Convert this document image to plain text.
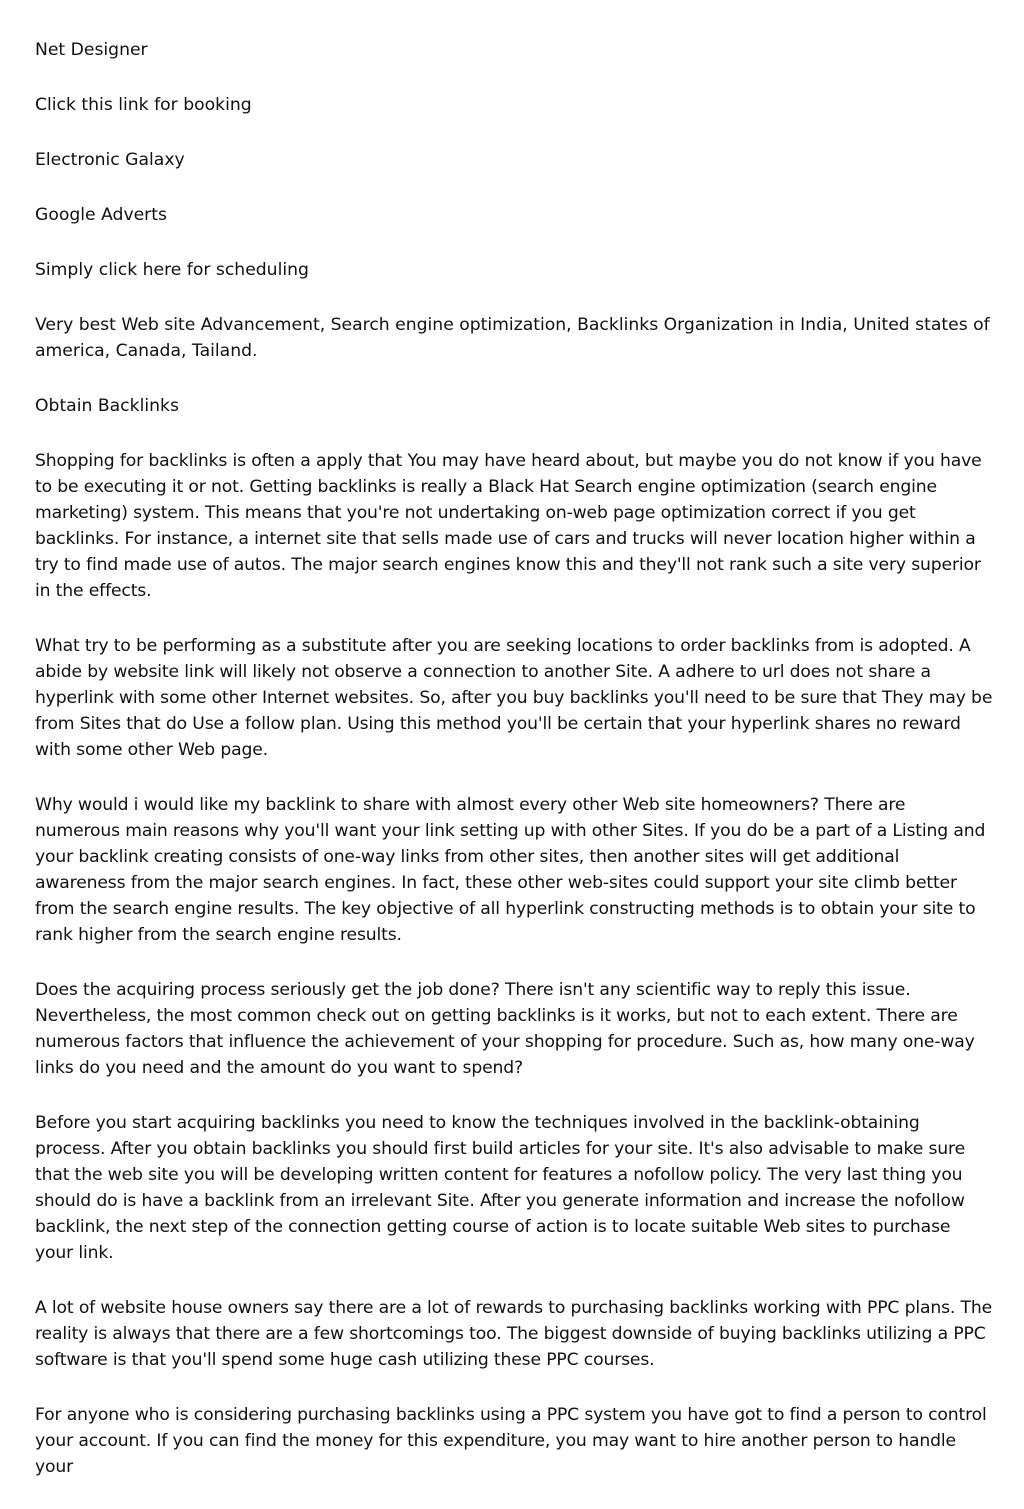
Net Designer

Click this link for booking

Electronic Galaxy

Google Adverts

Simply click here for scheduling

Very best Web site Advancement, Search engine optimization, Backlinks Organization in India, United states of america, Canada, Tailand.

Obtain Backlinks

Shopping for backlinks is often a apply that You may have heard about, but maybe you do not know if you have to be executing it or not. Getting backlinks is really a Black Hat Search engine optimization (search engine marketing) system. This means that you're not undertaking on-web page optimization correct if you get backlinks. For instance, a internet site that sells made use of cars and trucks will never location higher within a try to find made use of autos. The major search engines know this and they'll not rank such a site very superior in the effects.

What try to be performing as a substitute after you are seeking locations to order backlinks from is adopted. A abide by website link will likely not observe a connection to another Site. A adhere to url does not share a hyperlink with some other Internet websites. So, after you buy backlinks you'll need to be sure that They may be from Sites that do Use a follow plan. Using this method you'll be certain that your hyperlink shares no reward with some other Web page.

Why would i would like my backlink to share with almost every other Web site homeowners? There are numerous main reasons why you'll want your link setting up with other Sites. If you do be a part of a Listing and your backlink creating consists of one-way links from other sites, then another sites will get additional awareness from the major search engines. In fact, these other web-sites could support your site climb better from the search engine results. The key objective of all hyperlink constructing methods is to obtain your site to rank higher from the search engine results.

Does the acquiring process seriously get the job done? There isn't any scientific way to reply this issue. Nevertheless, the most common check out on getting backlinks is it works, but not to each extent. There are numerous factors that influence the achievement of your shopping for procedure. Such as, how many one-way links do you need and the amount do you want to spend?

Before you start acquiring backlinks you need to know the techniques involved in the backlink-obtaining process. After you obtain backlinks you should first build articles for your site. It's also advisable to make sure that the web site you will be developing written content for features a nofollow policy. The very last thing you should do is have a backlink from an irrelevant Site. After you generate information and increase the nofollow backlink, the next step of the connection getting course of action is to locate suitable Web sites to purchase your link.

A lot of website house owners say there are a lot of rewards to purchasing backlinks working with PPC plans. The reality is always that there are a few shortcomings too. The biggest downside of buying backlinks utilizing a PPC software is that you'll spend some huge cash utilizing these PPC courses.

For anyone who is considering purchasing backlinks using a PPC system you have got to find a person to control your account. If you can find the money for this expenditure, you may want to hire another person to handle your
